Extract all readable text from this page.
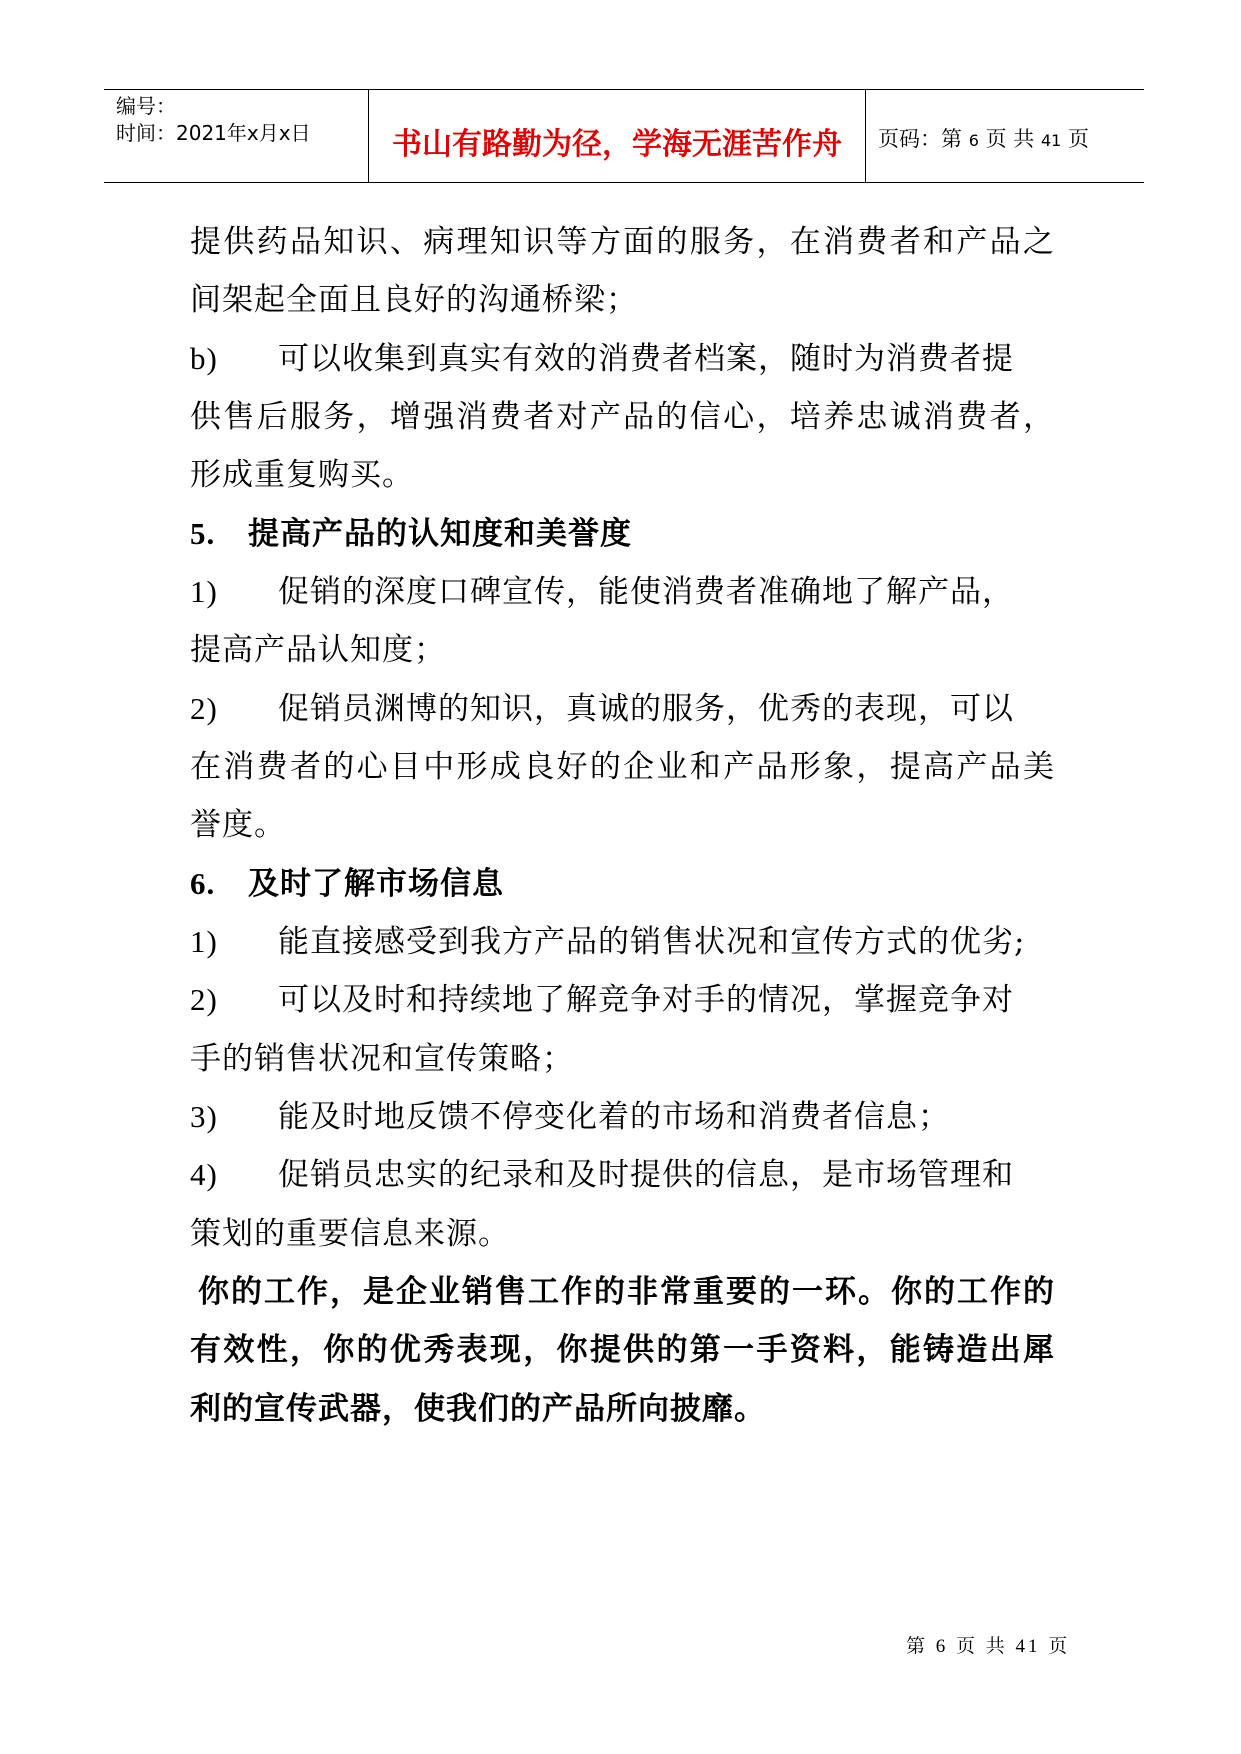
编号：
时间：2021年x月x日	书山有路勤为径，学海无涯苦作舟	页码：第 6 页 共 41 页
提供药品知识、病理知识等方面的服务，在消费者和产品之
间架起全面且良好的沟通桥梁；
b) 可以收集到真实有效的消费者档案，随时为消费者提
供售后服务，增强消费者对产品的信心，培养忠诚消费者，
形成重复购买。
5. 提高产品的认知度和美誉度
1) 促销的深度口碑宣传，能使消费者准确地了解产品，
提高产品认知度；
2) 促销员渊博的知识，真诚的服务，优秀的表现，可以
在消费者的心目中形成良好的企业和产品形象，提高产品美
誉度。
6. 及时了解市场信息
1) 能直接感受到我方产品的销售状况和宣传方式的优劣;
2) 可以及时和持续地了解竞争对手的情况，掌握竞争对
手的销售状况和宣传策略；
3) 能及时地反馈不停变化着的市场和消费者信息；
4) 促销员忠实的纪录和及时提供的信息，是市场管理和
策划的重要信息来源。
你的工作，是企业销售工作的非常重要的一环。你的工作的
有效性，你的优秀表现，你提供的第一手资料，能铸造出犀
利的宣传武器，使我们的产品所向披靡。
第 6 页 共 41 页
